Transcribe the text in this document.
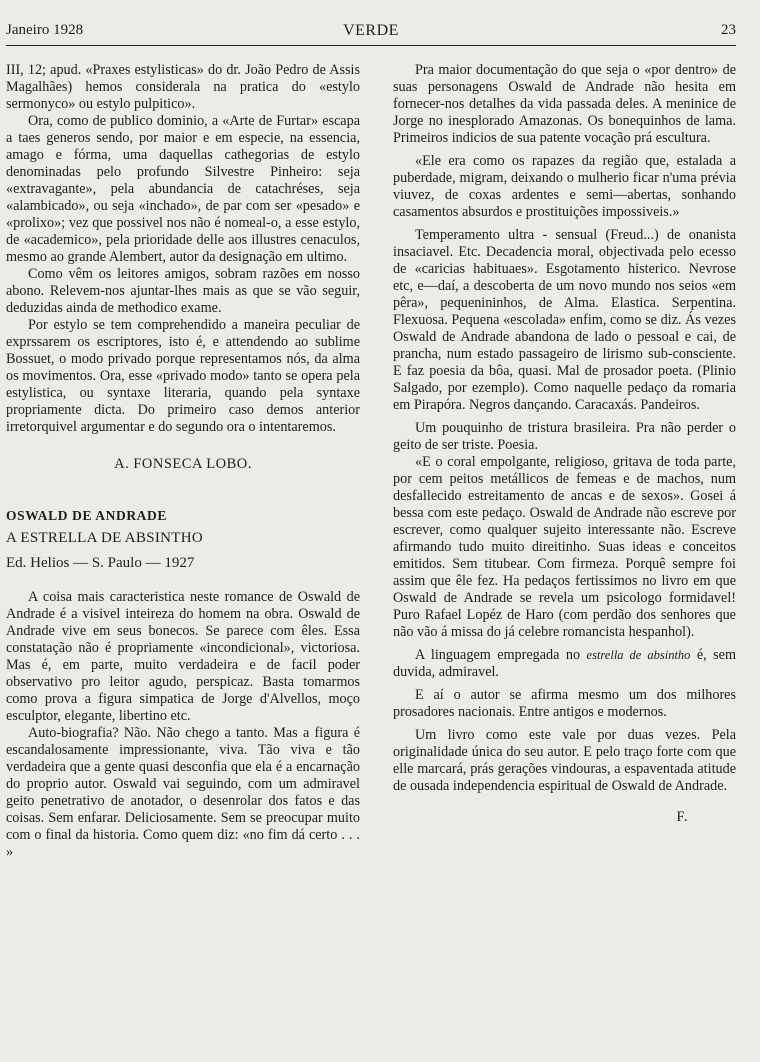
Janeiro 1928	VERDE	23

III, 12; apud. «Praxes estylisticas» do dr. João Pedro de Assis Magalhães) hemos considerala na pratica do «estylo sermonyco» ou estylo pulpitico».

Ora, como de publico dominio, a «Arte de Furtar» escapa a taes generos sendo, por maior e em especie, na essencia, amago e fórma, uma daquellas cathegorias de estylo denominadas pelo profundo Silvestre Pinheiro: seja «extravagante», pela abundancia de catachréses, seja «alambicado», ou seja «inchado», de par com ser «pesado» e «prolixo»; vez que possivel nos não é nomeal-o, a esse estylo, de «academico», pela prioridade delle aos illustres cenaculos, mesmo ao grande Alembert, autor da designação em ultimo.

Como vêm os leitores amigos, sobram razões em nosso abono. Relevem-nos ajuntar-lhes mais as que se vão seguir, deduzidas ainda de methodico exame.

Por estylo se tem comprehendido a maneira peculiar de exprssarem os escriptores, isto é, e attendendo ao sublime Bossuet, o modo privado porque representamos nós, da alma os movimentos. Ora, esse «privado modo» tanto se opera pela estylistica, ou syntaxe literaria, quando pela syntaxe propriamente dicta. Do primeiro caso demos anterior irretorquivel argumentar e do segundo ora o intentaremos.

A. FONSECA LOBO.

OSWALD DE ANDRADE

A ESTRELLA DE ABSINTHO

Ed. Helios — S. Paulo — 1927

A coisa mais caracteristica neste romance de Oswald de Andrade é a visivel inteireza do homem na obra. Oswald de Andrade vive em seus bonecos. Se parece com êles. Essa constatação não é propriamente «incondicional», victoriosa. Mas é, em parte, muito verdadeira e de facil poder observativo pro leitor agudo, perspicaz. Basta tomarmos como prova a figura simpatica de Jorge d'Alvellos, moço esculptor, elegante, libertino etc.

Auto-biografia? Não. Não chego a tanto. Mas a figura é escandalosamente impressionante, viva. Tão viva e tão verdadeira que a gente quasi desconfia que ela é a encarnação do proprio autor. Oswald vai seguindo, com um admiravel geito penetrativo de anotador, o desenrolar dos fatos e das coisas. Sem enfarar. Deliciosamente. Sem se preocupar muito com o final da historia. Como quem diz: «no fim dá certo . . . »

Pra maior documentação do que seja o «por dentro» de suas personagens Oswald de Andrade não hesita em fornecer-nos detalhes da vida passada deles. A meninice de Jorge no inesplorado Amazonas. Os bonequinhos de lama. Primeiros indicios de sua patente vocação prá escultura.

«Ele era como os rapazes da região que, estalada a puberdade, migram, deixando o mulherio ficar n'uma prévia viuvez, de coxas ardentes e semi—abertas, sonhando casamentos absurdos e prostituições impossiveis.»

Temperamento ultra - sensual (Freud...) de onanista insaciavel. Etc. Decadencia moral, objectivada pelo ecesso de «caricias habituaes». Esgotamento histerico. Nevrose etc, e—daí, a descoberta de um novo mundo nos seios «em pêra», pequenininhos, de Alma. Elastica. Serpentina. Flexuosa. Pequena «escolada» enfim, como se diz. Ás vezes Oswald de Andrade abandona de lado o pessoal e cai, de prancha, num estado passageiro de lirismo sub-consciente. E faz poesia da bôa, quasi. Mal de prosador poeta. (Plinio Salgado, por ezemplo). Como naquelle pedaço da romaria em Pirapóra. Negros dançando. Caracaxás. Pandeiros.

Um pouquinho de tristura brasileira. Pra não perder o geito de ser triste. Poesia.

«E o coral empolgante, religioso, gritava de toda parte, por cem peitos metállicos de femeas e de machos, num desfallecido estreitamento de ancas e de sexos». Gosei á bessa com este pedaço. Oswald de Andrade não escreve por escrever, como qualquer sujeito interessante não. Escreve afirmando tudo muito direitinho. Suas ideas e conceitos emitidos. Sem titubear. Com firmeza. Porquê sempre foi assim que êle fez. Ha pedaços fertissimos no livro em que Oswald de Andrade se revela um psicologo formidavel! Puro Rafael Lopéz de Haro (com perdão dos senhores que não vão á missa do já celebre romancista hespanhol).

A linguagem empregada no estrella de absintho é, sem duvida, admiravel.

E aí o autor se afirma mesmo um dos milhores prosadores nacionais. Entre antigos e modernos.

Um livro como este vale por duas vezes. Pela originalidade única do seu autor. E pelo traço forte com que elle marcará, prás gerações vindouras, a espaventada atitude de ousada independencia espiritual de Oswald de Andrade.

F.
